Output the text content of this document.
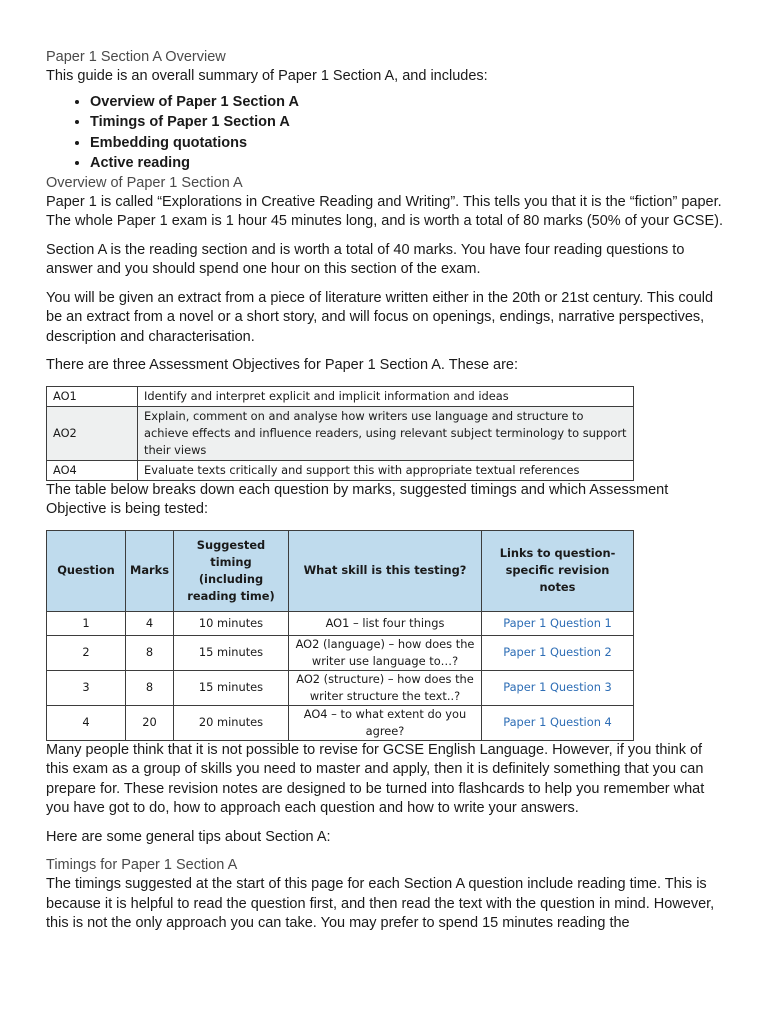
Paper 1 Section A Overview

This guide is an overall summary of Paper 1 Section A, and includes:

• Overview of Paper 1 Section A
• Timings of Paper 1 Section A
• Embedding quotations
• Active reading
Overview of Paper 1 Section A

Paper 1 is called “Explorations in Creative Reading and Writing”. This tells you that it is the “fiction” paper. The whole Paper 1 exam is 1 hour 45 minutes long, and is worth a total of 80 marks (50% of your GCSE).

Section A is the reading section and is worth a total of 40 marks. You have four reading questions to answer and you should spend one hour on this section of the exam.

You will be given an extract from a piece of literature written either in the 20th or 21st century. This could be an extract from a novel or a short story, and will focus on openings, endings, narrative perspectives, description and characterisation.

There are three Assessment Objectives for Paper 1 Section A. These are:

AO1	Identify and interpret explicit and implicit information and ideas
AO2	Explain, comment on and analyse how writers use language and structure to achieve effects and influence readers, using relevant subject terminology to support their views
AO4	Evaluate texts critically and support this with appropriate textual references

The table below breaks down each question by marks, suggested timings and which Assessment Objective is being tested:

Question	Marks	Suggested timing (including reading time)	What skill is this testing?	Links to question-specific revision notes
1	4	10 minutes	AO1 – list four things	Paper 1 Question 1
2	8	15 minutes	AO2 (language) – how does the writer use language to…?	Paper 1 Question 2
3	8	15 minutes	AO2 (structure) – how does the writer structure the text..?	Paper 1 Question 3
4	20	20 minutes	AO4 – to what extent do you agree?	Paper 1 Question 4

Many people think that it is not possible to revise for GCSE English Language. However, if you think of this exam as a group of skills you need to master and apply, then it is definitely something that you can prepare for. These revision notes are designed to be turned into flashcards to help you remember what you have got to do, how to approach each question and how to write your answers.

Here are some general tips about Section A:

Timings for Paper 1 Section A

The timings suggested at the start of this page for each Section A question include reading time. This is because it is helpful to read the question first, and then read the text with the question in mind. However, this is not the only approach you can take. You may prefer to spend 15 minutes reading the
